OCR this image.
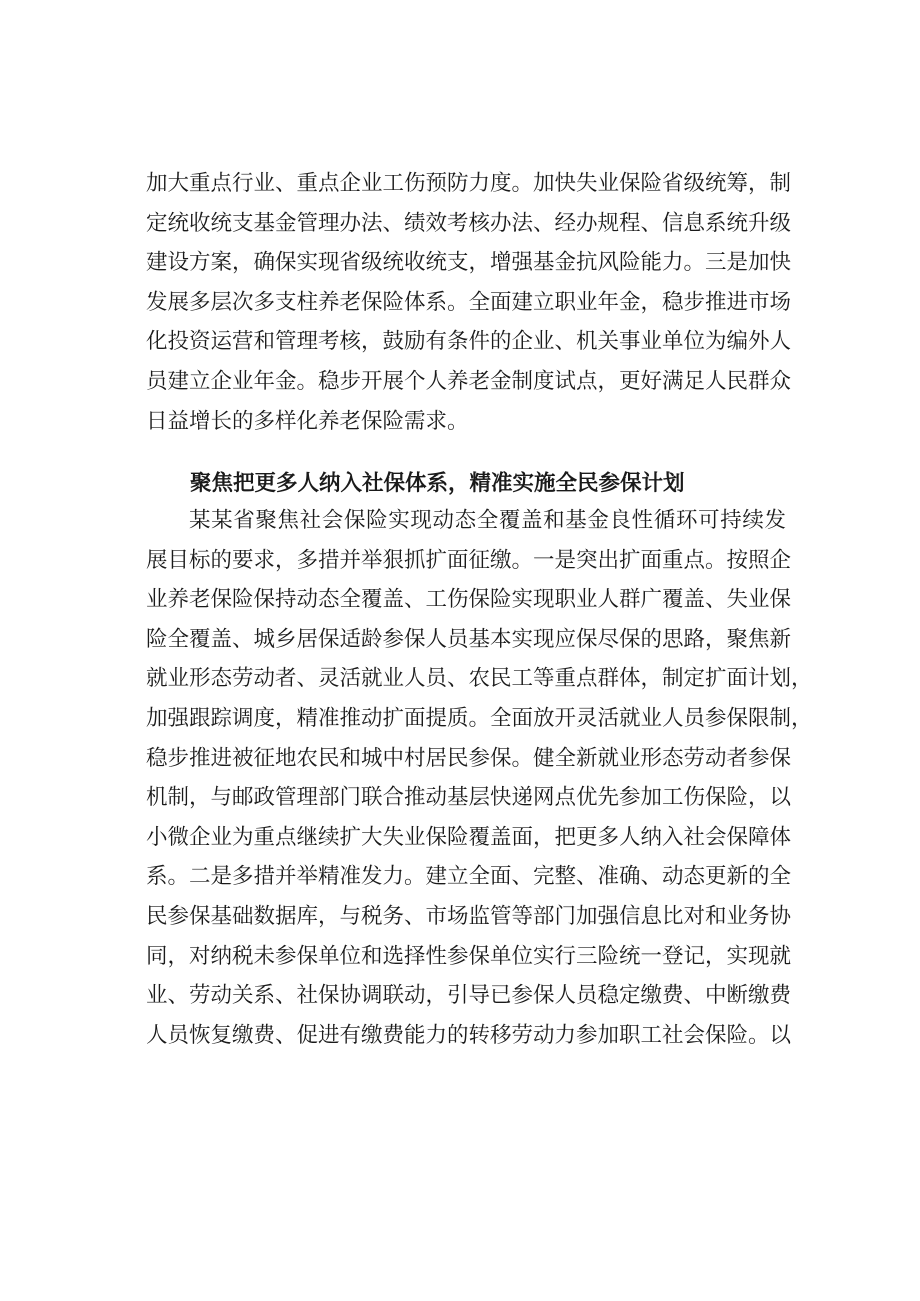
加大重点行业、重点企业工伤预防力度。加快失业保险省级统筹，制
定统收统支基金管理办法、绩效考核办法、经办规程、信息系统升级
建设方案，确保实现省级统收统支，增强基金抗风险能力。三是加快
发展多层次多支柱养老保险体系。全面建立职业年金，稳步推进市场
化投资运营和管理考核，鼓励有条件的企业、机关事业单位为编外人
员建立企业年金。稳步开展个人养老金制度试点，更好满足人民群众
日益增长的多样化养老保险需求。
聚焦把更多人纳入社保体系，精准实施全民参保计划
某某省聚焦社会保险实现动态全覆盖和基金良性循环可持续发
展目标的要求，多措并举狠抓扩面征缴。一是突出扩面重点。按照企
业养老保险保持动态全覆盖、工伤保险实现职业人群广覆盖、失业保
险全覆盖、城乡居保适龄参保人员基本实现应保尽保的思路，聚焦新
就业形态劳动者、灵活就业人员、农民工等重点群体，制定扩面计划，
加强跟踪调度，精准推动扩面提质。全面放开灵活就业人员参保限制，
稳步推进被征地农民和城中村居民参保。健全新就业形态劳动者参保
机制，与邮政管理部门联合推动基层快递网点优先参加工伤保险，以
小微企业为重点继续扩大失业保险覆盖面，把更多人纳入社会保障体
系。二是多措并举精准发力。建立全面、完整、准确、动态更新的全
民参保基础数据库，与税务、市场监管等部门加强信息比对和业务协
同，对纳税未参保单位和选择性参保单位实行三险统一登记，实现就
业、劳动关系、社保协调联动，引导已参保人员稳定缴费、中断缴费
人员恢复缴费、促进有缴费能力的转移劳动力参加职工社会保险。以
